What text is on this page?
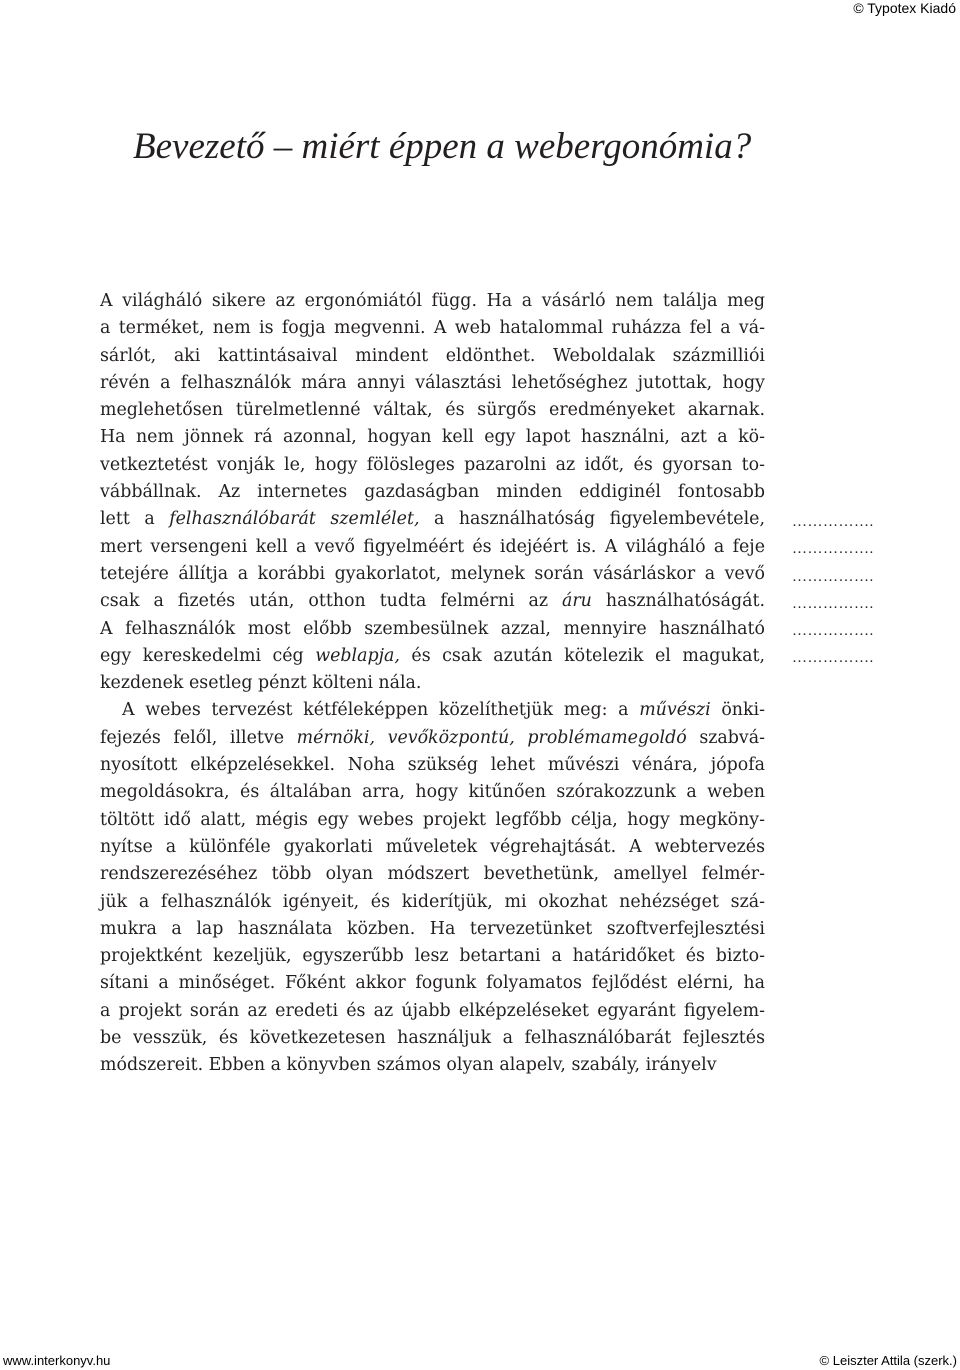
© Typotex Kiadó
Bevezető – miért éppen a webergonómia?
A világháló sikere az ergonómiától függ. Ha a vásárló nem találja meg
a terméket, nem is fogja megvenni. A web hatalommal ruházza fel a vá-
sárlót, aki kattintásaival mindent eldönthet. Weboldalak százmilliói
révén a felhasználók mára annyi választási lehetőséghez jutottak, hogy
meglehetősen türelmetlenné váltak, és sürgős eredményeket akarnak.
Ha nem jönnek rá azonnal, hogyan kell egy lapot használni, azt a kö-
vetkeztetést vonják le, hogy fölösleges pazarolni az időt, és gyorsan to-
vábbállnak. Az internetes gazdaságban minden eddiginél fontosabb
lett a felhasználóbarát szemlélet, a használhatóság figyelembevétele,
mert versengeni kell a vevő figyelméért és idejéért is. A világháló a feje
tetejére állítja a korábbi gyakorlatot, melynek során vásárláskor a vevő
csak a fizetés után, otthon tudta felmérni az áru használhatóságát.
A felhasználók most előbb szembesülnek azzal, mennyire használható
egy kereskedelmi cég weblapja, és csak azután kötelezik el magukat,
kezdenek esetleg pénzt költeni nála.
A webes tervezést kétféleképpen közelíthetjük meg: a művészi önki-
fejezés felől, illetve mérnöki, vevőközpontú, problémamegoldó szabvá-
nyosított elképzelésekkel. Noha szükség lehet művészi vénára, jópofa
megoldásokra, és általában arra, hogy kitűnően szórakozzunk a weben
töltött idő alatt, mégis egy webes projekt legfőbb célja, hogy megköny-
nyítse a különféle gyakorlati műveletek végrehajtását. A webtervezés
rendszerezéséhez több olyan módszert bevethetünk, amellyel felmér-
jük a felhasználók igényeit, és kiderítjük, mi okozhat nehézséget szá-
mukra a lap használata közben. Ha tervezetünket szoftverfejlesztési
projektként kezeljük, egyszerűbb lesz betartani a határidőket és bizto-
sítani a minőséget. Főként akkor fogunk folyamatos fejlődést elérni, ha
a projekt során az eredeti és az újabb elképzeléseket egyaránt figyelem-
be vesszük, és következetesen használjuk a felhasználóbarát fejlesztés
módszereit. Ebben a könyvben számos olyan alapelv, szabály, irányelv
…………….
…………….
…………….
…………….
…………….
…………….
www.interkonyv.hu	© Leiszter Attila (szerk.)
